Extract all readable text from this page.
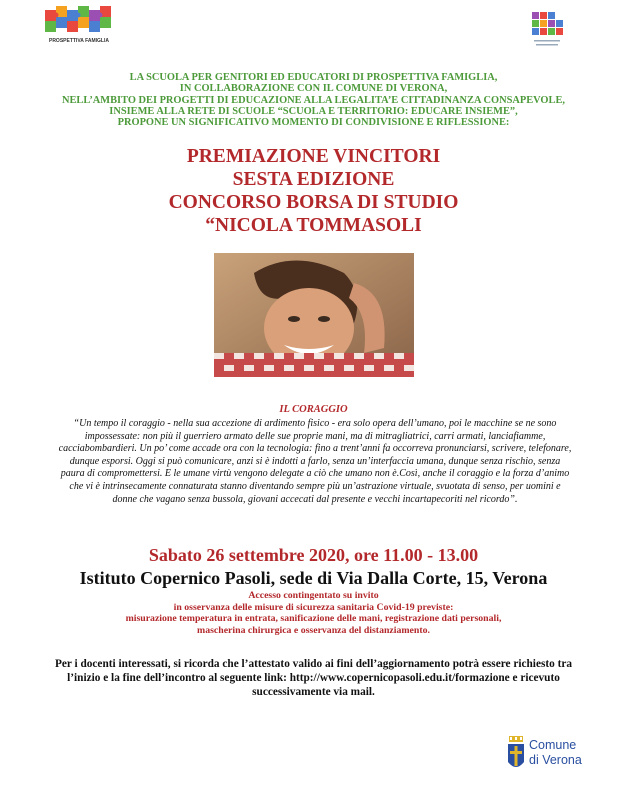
PROSPETTIVA FAMIGLIA
LA SCUOLA PER GENITORI ED EDUCATORI DI PROSPETTIVA FAMIGLIA,
IN COLLABORAZIONE CON IL COMUNE DI VERONA,
NELL’AMBITO DEI PROGETTI DI EDUCAZIONE ALLA LEGALITA’E CITTADINANZA CONSAPEVOLE,
INSIEME ALLA RETE DI SCUOLE “SCUOLA E TERRITORIO: EDUCARE INSIEME”,
PROPONE UN SIGNIFICATIVO MOMENTO DI CONDIVISIONE E RIFLESSIONE:
PREMIAZIONE VINCITORI
SESTA EDIZIONE
CONCORSO BORSA DI STUDIO
“NICOLA TOMMASOLI
IL CORAGGIO
“Un tempo il coraggio - nella sua accezione di ardimento fisico - era solo opera dell’umano, poi le macchine se ne sono
impossessate: non più il guerriero armato delle sue proprie mani, ma di mitragliatrici, carri armati, lanciafiamme,
cacciabombardieri. Un po’ come accade ora con la tecnologia: fino a trent’anni fa occorreva pronunciarsi, scrivere, telefonare,
dunque esporsi. Oggi si può comunicare, anzi si è indotti a farlo, senza un’interfaccia umana, dunque senza rischio, senza
paura di compromettersi. E le umane virtù vengono delegate a ciò che umano non è.Così, anche il coraggio e la forza d’animo
che vi è intrinsecamente connaturata stanno diventando sempre più un’astrazione virtuale, svuotata di senso, per uomini e
donne che vagano senza bussola, giovani accecati dal presente e vecchi incartapecoriti nel ricordo”.
Sabato 26 settembre 2020, ore 11.00 - 13.00
Istituto Copernico Pasoli, sede di Via Dalla Corte, 15, Verona
Accesso contingentato su invito
in osservanza delle misure di sicurezza sanitaria Covid-19 previste:
misurazione temperatura in entrata, sanificazione delle mani, registrazione dati personali,
mascherina chirurgica e osservanza del distanziamento.
Per i docenti interessati, si ricorda che l’attestato valido ai fini dell’aggiornamento potrà essere richiesto tra
l’inizio e la fine dell’incontro al seguente link: http://www.copernicopasoli.edu.it/formazione e ricevuto
successivamente via mail.
Comune
di Verona
